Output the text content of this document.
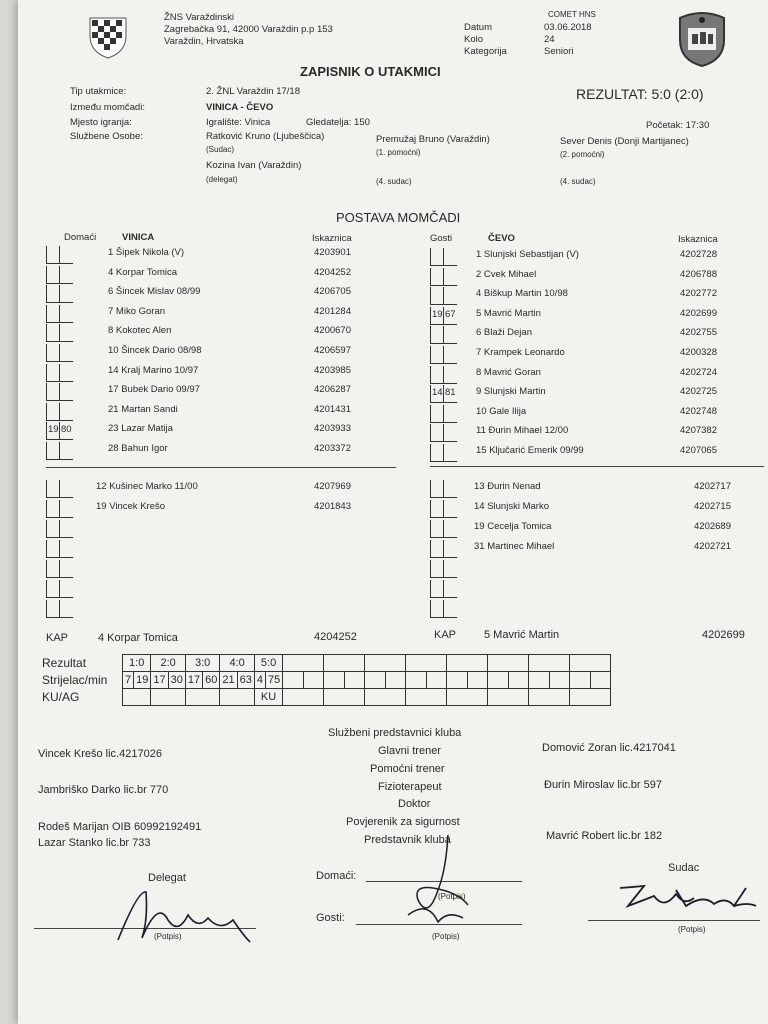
ŽNS Varaždinski
Zagrebačka 91, 42000 Varaždin p.p 153
Varaždin, Hrvatska
COMET HNS
Datum	03.06.2018
Kolo	24
Kategorija	Seniori
ZAPISNIK O UTAKMICI
REZULTAT: 5:0 (2:0)
Tip utakmice:	2. ŽNL Varaždin 17/18
Između momčadi:	VINICA - ČEVO
Mjesto igranja:	Igralište: Vinica	Gledatelja: 150	Početak: 17:30
Službene Osobe:	Ratković Kruno (Ljubeščica)
(Sudac)
Premužaj Bruno (Varaždin)
(1. pomoćni)
Sever Denis (Donji Martijanec)
(2. pomoćni)
Kozina Ivan (Varaždin)
(delegat)	(4. sudac)	(4. sudac)
POSTAVA MOMČADI
Domaći	VINICA	Iskaznica	Gosti	ČEVO	Iskaznica
1 Šipek Nikola (V)	4203901
4 Korpar Tomica	4204252
6 Šincek Mislav 08/99	4206705
7 Miko Goran	4201284
8 Kokotec Alen	4200670
10 Šincek Dario 08/98	4206597
14 Kralj Marino 10/97	4203985
17 Bubek Dario 09/97	4206287
21 Martan Sandi	4201431
19 80	23 Lazar Matija	4203933
28 Bahun Igor	4203372
1 Slunjski Sebastijan (V)	4202728
2 Cvek Mihael	4206788
4 Biškup Martin 10/98	4202772
19 67 5 Mavrić Martin	4202699
6 Blaži Dejan	4202755
7 Krampek Leonardo	4200328
8 Mavrić Goran	4202724
14 81 9 Slunjski Martin	4202725
10 Gale Ilija	4202748
11 Đurin Mihael 12/00	4207382
15 Ključarić Emerik 09/99	4207065
12 Kušinec Marko 11/00	4207969
19 Vincek Krešo	4201843
13 Đurin Nenad	4202717
14 Slunjski Marko	4202715
19 Cecelja Tomica	4202689
31 Martinec Mihael	4202721
KAP	4 Korpar Tomica	4204252	KAP	5 Mavrić Martin	4202699
Rezultat	1:0		2:0		3:0		4:0		5:0																	
Strijelac/min	7	19	17	30	17	60	21	63	4	75																
KU/AG									KU																	
Službeni predstavnici kluba
Glavni trener
Pomoćni trener
Fizioterapeut
Doktor
Povjerenik za sigurnost
Predstavnik kluba
Vincek Krešo lic.4217026
Jambriško Darko lic.br 770
Rodeš Marijan OIB 60992192491
Lazar Stanko lic.br 733
Domović Zoran lic.4217041
Đurin Miroslav lic.br 597
Mavrić Robert lic.br 182
Delegat
(Potpis)
Domaći:
(Potpis)
Gosti:
(Potpis)
Sudac
(Potpis)
